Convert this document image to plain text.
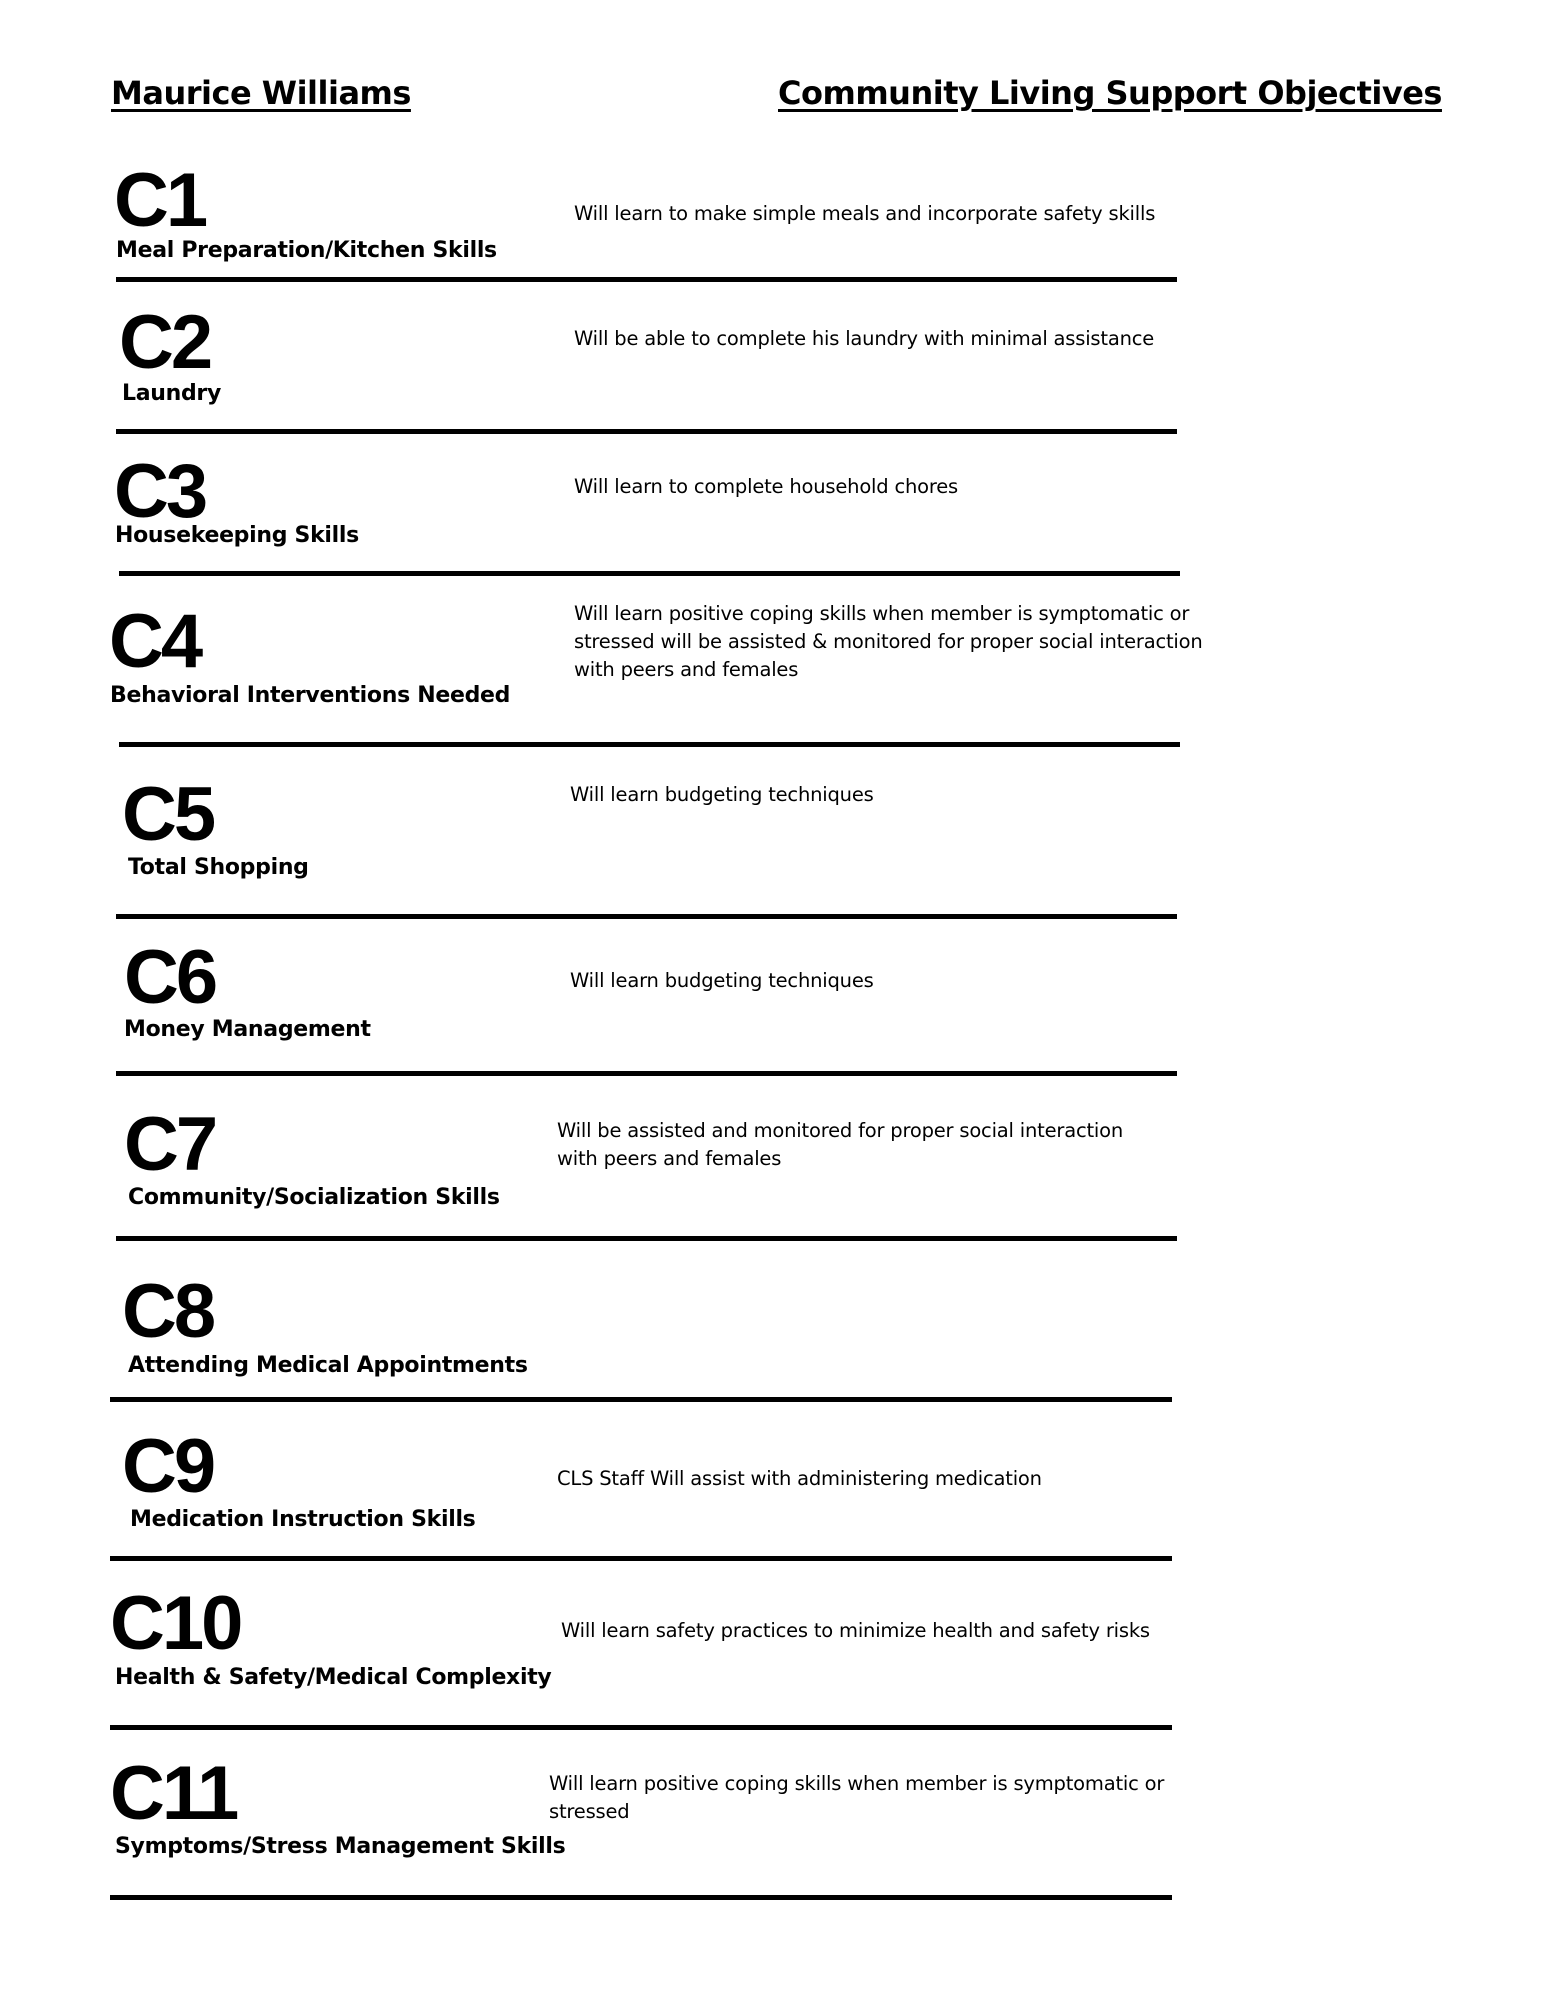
Maurice Williams	Community Living Support Objectives
C1
Meal Preparation/Kitchen Skills
Will learn to make simple meals and incorporate safety skills
C2
Laundry
Will be able to complete his laundry with minimal assistance
C3
Housekeeping Skills
Will learn to complete household chores
C4
Behavioral Interventions Needed
Will learn positive coping skills when member is symptomatic or stressed will be assisted & monitored for proper social interaction with peers and females
C5
Total Shopping
Will learn budgeting techniques
C6
Money Management
Will learn budgeting techniques
C7
Community/Socialization Skills
Will be assisted and monitored for proper social interaction with peers and females
C8
Attending Medical Appointments
C9
Medication Instruction Skills
CLS Staff Will assist with administering medication
C10
Health & Safety/Medical Complexity
Will learn safety practices to minimize health and safety risks
C11
Symptoms/Stress Management Skills
Will learn positive coping skills when member is symptomatic or stressed
